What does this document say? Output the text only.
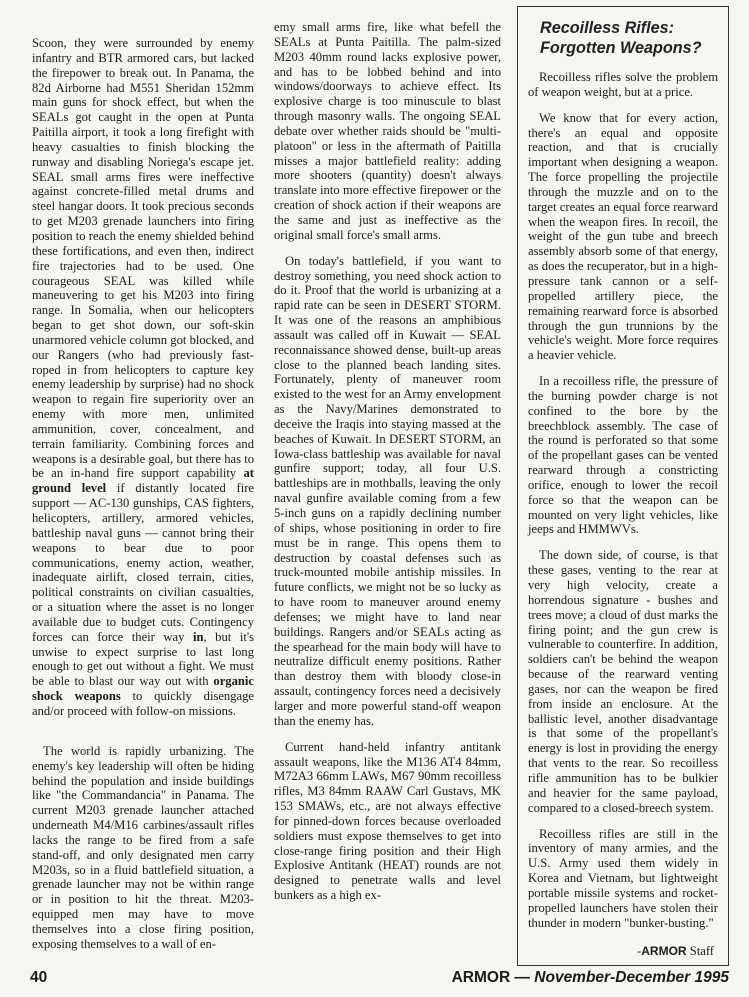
Scoon, they were surrounded by enemy infantry and BTR armored cars, but lacked the firepower to break out. In Panama, the 82d Airborne had M551 Sheridan 152mm main guns for shock effect, but when the SEALs got caught in the open at Punta Paitilla airport, it took a long firefight with heavy casualties to finish blocking the runway and disabling Noriega's escape jet. SEAL small arms fires were ineffective against concrete-filled metal drums and steel hangar doors. It took precious seconds to get M203 grenade launchers into firing position to reach the enemy shielded behind these fortifications, and even then, indirect fire trajectories had to be used. One courageous SEAL was killed while maneuvering to get his M203 into firing range. In Somalia, when our helicopters began to get shot down, our soft-skin unarmored vehicle column got blocked, and our Rangers (who had previously fast-roped in from helicopters to capture key enemy leadership by surprise) had no shock weapon to regain fire superiority over an enemy with more men, unlimited ammunition, cover, concealment, and terrain familiarity. Combining forces and weapons is a desirable goal, but there has to be an in-hand fire support capability at ground level if distantly located fire support — AC-130 gunships, CAS fighters, helicopters, artillery, armored vehicles, battleship naval guns — cannot bring their weapons to bear due to poor communications, enemy action, weather, inadequate airlift, closed terrain, cities, political constraints on civilian casualties, or a situation where the asset is no longer available due to budget cuts. Contingency forces can force their way in, but it's unwise to expect surprise to last long enough to get out without a fight. We must be able to blast our way out with organic shock weapons to quickly disengage and/or proceed with follow-on missions.

The world is rapidly urbanizing. The enemy's key leadership will often be hiding behind the population and inside buildings like "the Commandancia" in Panama. The current M203 grenade launcher attached underneath M4/M16 carbines/assault rifles lacks the range to be fired from a safe stand-off, and only designated men carry M203s, so in a fluid battlefield situation, a grenade launcher may not be within range or in position to hit the threat. M203-equipped men may have to move themselves into a close firing position, exposing themselves to a wall of en-

emy small arms fire, like what befell the SEALs at Punta Paitilla. The palm-sized M203 40mm round lacks explosive power, and has to be lobbed behind and into windows/doorways to achieve effect. Its explosive charge is too minuscule to blast through masonry walls. The ongoing SEAL debate over whether raids should be "multi-platoon" or less in the aftermath of Paitilla misses a major battlefield reality: adding more shooters (quantity) doesn't always translate into more effective firepower or the creation of shock action if their weapons are the same and just as ineffective as the original small force's small arms.

On today's battlefield, if you want to destroy something, you need shock action to do it. Proof that the world is urbanizing at a rapid rate can be seen in DESERT STORM. It was one of the reasons an amphibious assault was called off in Kuwait — SEAL reconnaissance showed dense, built-up areas close to the planned beach landing sites. Fortunately, plenty of maneuver room existed to the west for an Army envelopment as the Navy/Marines demonstrated to deceive the Iraqis into staying massed at the beaches of Kuwait. In DESERT STORM, an Iowa-class battleship was available for naval gunfire support; today, all four U.S. battleships are in mothballs, leaving the only naval gunfire available coming from a few 5-inch guns on a rapidly declining number of ships, whose positioning in order to fire must be in range. This opens them to destruction by coastal defenses such as truck-mounted mobile antiship missiles. In future conflicts, we might not be so lucky as to have room to maneuver around enemy defenses; we might have to land near buildings. Rangers and/or SEALs acting as the spearhead for the main body will have to neutralize difficult enemy positions. Rather than destroy them with bloody close-in assault, contingency forces need a decisively larger and more powerful stand-off weapon than the enemy has.

Current hand-held infantry antitank assault weapons, like the M136 AT4 84mm, M72A3 66mm LAWs, M67 90mm recoilless rifles, M3 84mm RAAW Carl Gustavs, MK 153 SMAWs, etc., are not always effective for pinned-down forces because overloaded soldiers must expose themselves to get into close-range firing position and their High Explosive Antitank (HEAT) rounds are not designed to penetrate walls and level bunkers as a high ex-

Recoilless Rifles:
Forgotten Weapons?

Recoilless rifles solve the problem of weapon weight, but at a price.

We know that for every action, there's an equal and opposite reaction, and that is crucially important when designing a weapon. The force propelling the projectile through the muzzle and on to the target creates an equal force rearward when the weapon fires. In recoil, the weight of the gun tube and breech assembly absorb some of that energy, as does the recuperator, but in a high-pressure tank cannon or a self-propelled artillery piece, the remaining rearward force is absorbed through the gun trunnions by the vehicle's weight. More force requires a heavier vehicle.

In a recoilless rifle, the pressure of the burning powder charge is not confined to the bore by the breechblock assembly. The case of the round is perforated so that some of the propellant gases can be vented rearward through a constricting orifice, enough to lower the recoil force so that the weapon can be mounted on very light vehicles, like jeeps and HMMWVs.

The down side, of course, is that these gases, venting to the rear at very high velocity, create a horrendous signature - bushes and trees move; a cloud of dust marks the firing point; and the gun crew is vulnerable to counterfire. In addition, soldiers can't be behind the weapon because of the rearward venting gases, nor can the weapon be fired from inside an enclosure. At the ballistic level, another disadvantage is that some of the propellant's energy is lost in providing the energy that vents to the rear. So recoilless rifle ammunition has to be bulkier and heavier for the same payload, compared to a closed-breech system.

Recoilless rifles are still in the inventory of many armies, and the U.S. Army used them widely in Korea and Vietnam, but lightweight portable missile systems and rocket-propelled launchers have stolen their thunder in modern "bunker-busting."

-ARMOR Staff
40	ARMOR — November-December 1995
